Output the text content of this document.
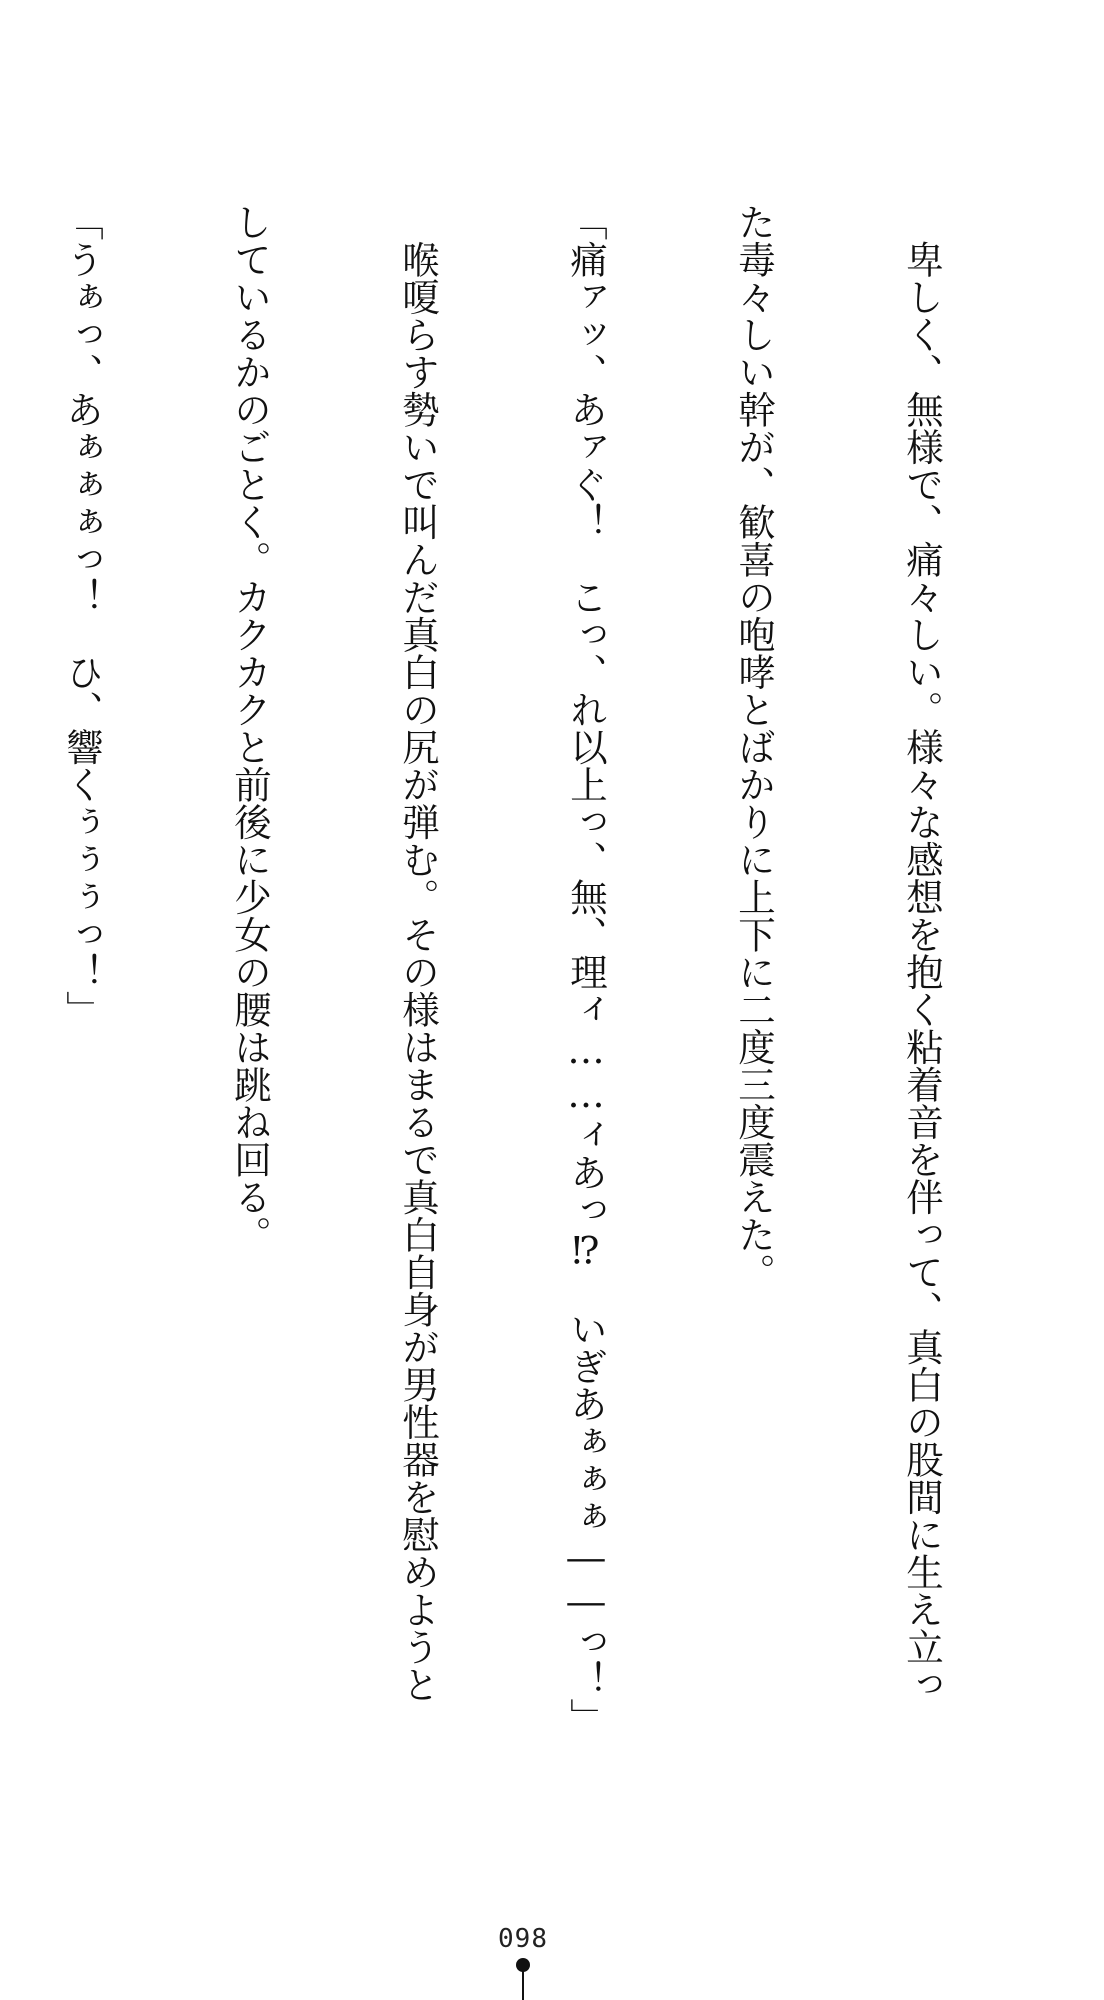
　卑しく、無様で、痛々しい。様々な感想を抱く粘着音を伴って、真白の股間に生え立っ

た毒々しい幹が、歓喜の咆哮とばかりに上下に二度三度震えた。

「痛ァッ、あァぐ！　こっ、れ以上っ、無、理ィ……ィあっ⁉　いぎあぁぁぁ――っ！」

　喉嗄らす勢いで叫んだ真白の尻が弾む。その様はまるで真白自身が男性器を慰めようと

しているかのごとく。カクカクと前後に少女の腰は跳ね回る。

「うぁっ、あぁぁぁっ！　ひ、響くぅぅぅっ！」

098
